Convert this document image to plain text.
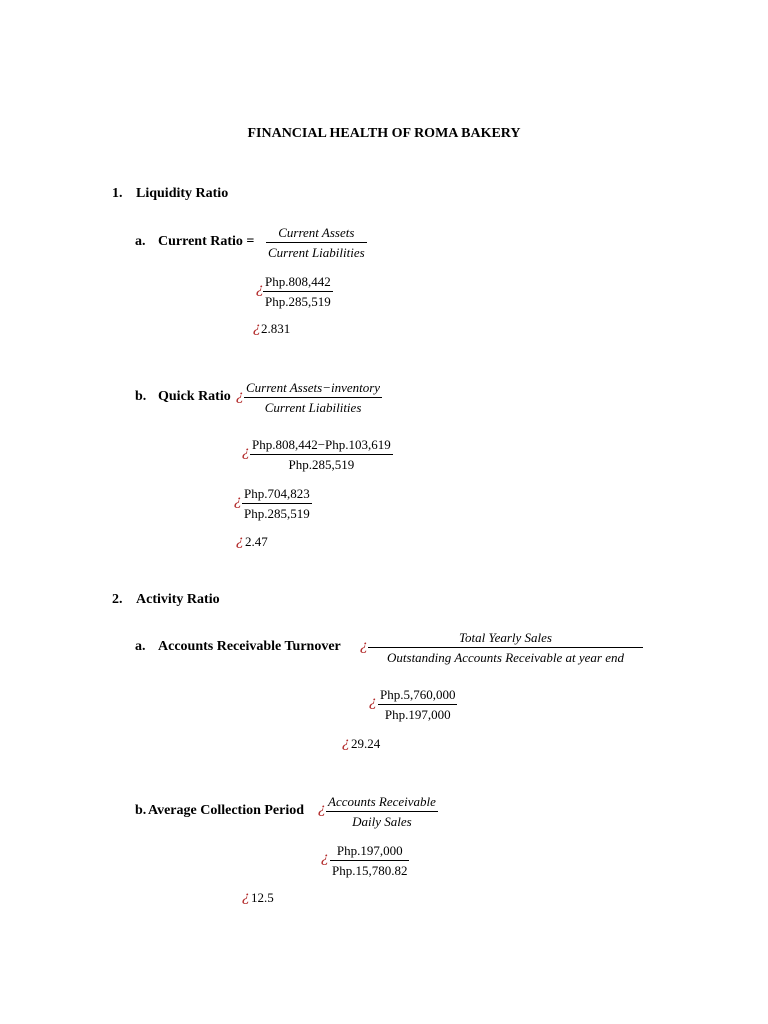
FINANCIAL HEALTH OF ROMA BAKERY
1. Liquidity Ratio
a. Current Ratio =
Current Assets
Current Liabilities
¿ Php.808,442
Php.285,519
¿ 2.831
b. Quick Ratio ¿
Current Assets−inventory
Current Liabilities
¿ Php.808,442−Php.103,619
Php.285,519
¿ Php.704,823
Php.285,519
¿ 2.47
2. Activity Ratio
a. Accounts Receivable Turnover ¿
Total Yearly Sales
Outstanding Accounts Receivable at year end
¿ Php.5,760,000
Php.197,000
¿ 29.24
b. Average Collection Period ¿ Accounts Receivable
Daily Sales
¿ Php.197,000
Php.15,780.82
¿ 12.5
